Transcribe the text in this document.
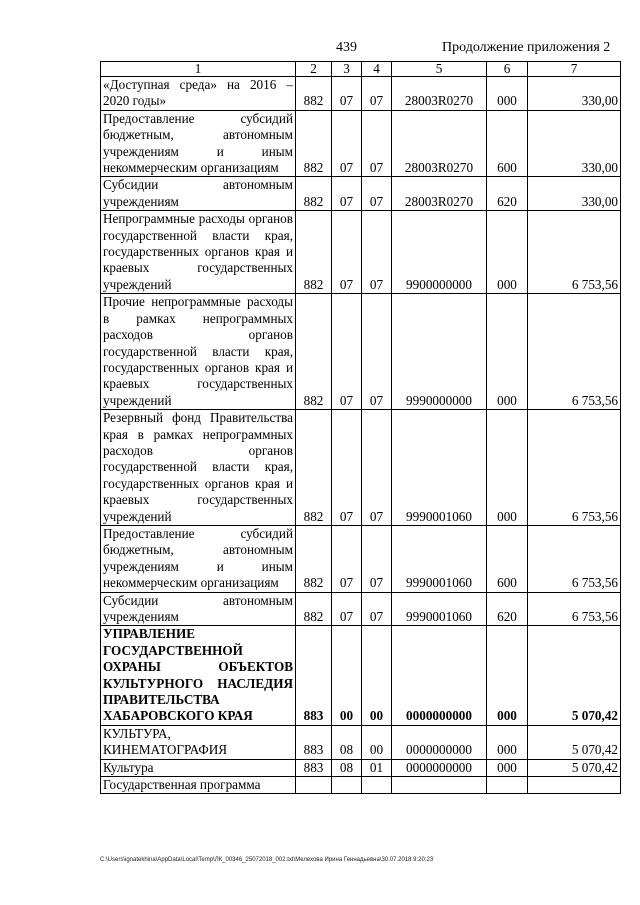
439	Продолжение приложения 2
1	2	3	4	5	6	7
«Доступная среда» на 2016 – 2020 годы»	882	07	07	28003R0270	000	330,00
Предоставление субсидий бюджетным, автономным учреждениям и иным некоммерческим организациям	882	07	07	28003R0270	600	330,00
Субсидии автономным учреждениям	882	07	07	28003R0270	620	330,00
Непрограммные расходы органов государственной власти края, государственных органов края и краевых государственных учреждений	882	07	07	9900000000	000	6 753,56
Прочие непрограммные расходы в рамках непрограммных расходов органов государственной власти края, государственных органов края и краевых государственных учреждений	882	07	07	9990000000	000	6 753,56
Резервный фонд Правительства края в рамках непрограммных расходов органов государственной власти края, государственных органов края и краевых государственных учреждений	882	07	07	9990001060	000	6 753,56
Предоставление субсидий бюджетным, автономным учреждениям и иным некоммерческим организациям	882	07	07	9990001060	600	6 753,56
Субсидии автономным учреждениям	882	07	07	9990001060	620	6 753,56
УПРАВЛЕНИЕ ГОСУДАРСТВЕННОЙ ОХРАНЫ ОБЪЕКТОВ КУЛЬТУРНОГО НАСЛЕДИЯ ПРАВИТЕЛЬСТВА ХАБАРОВСКОГО КРАЯ	883	00	00	0000000000	000	5 070,42
КУЛЬТУРА, КИНЕМАТОГРАФИЯ	883	08	00	0000000000	000	5 070,42
Культура	883	08	01	0000000000	000	5 070,42
Государственная программа						
C:\Users\ignatekhina\AppData\Local\Temp\ЛК_00346_25072018_002.txt\Мелехова Ирина Геннадьевна\30.07.2018 9:20:23
